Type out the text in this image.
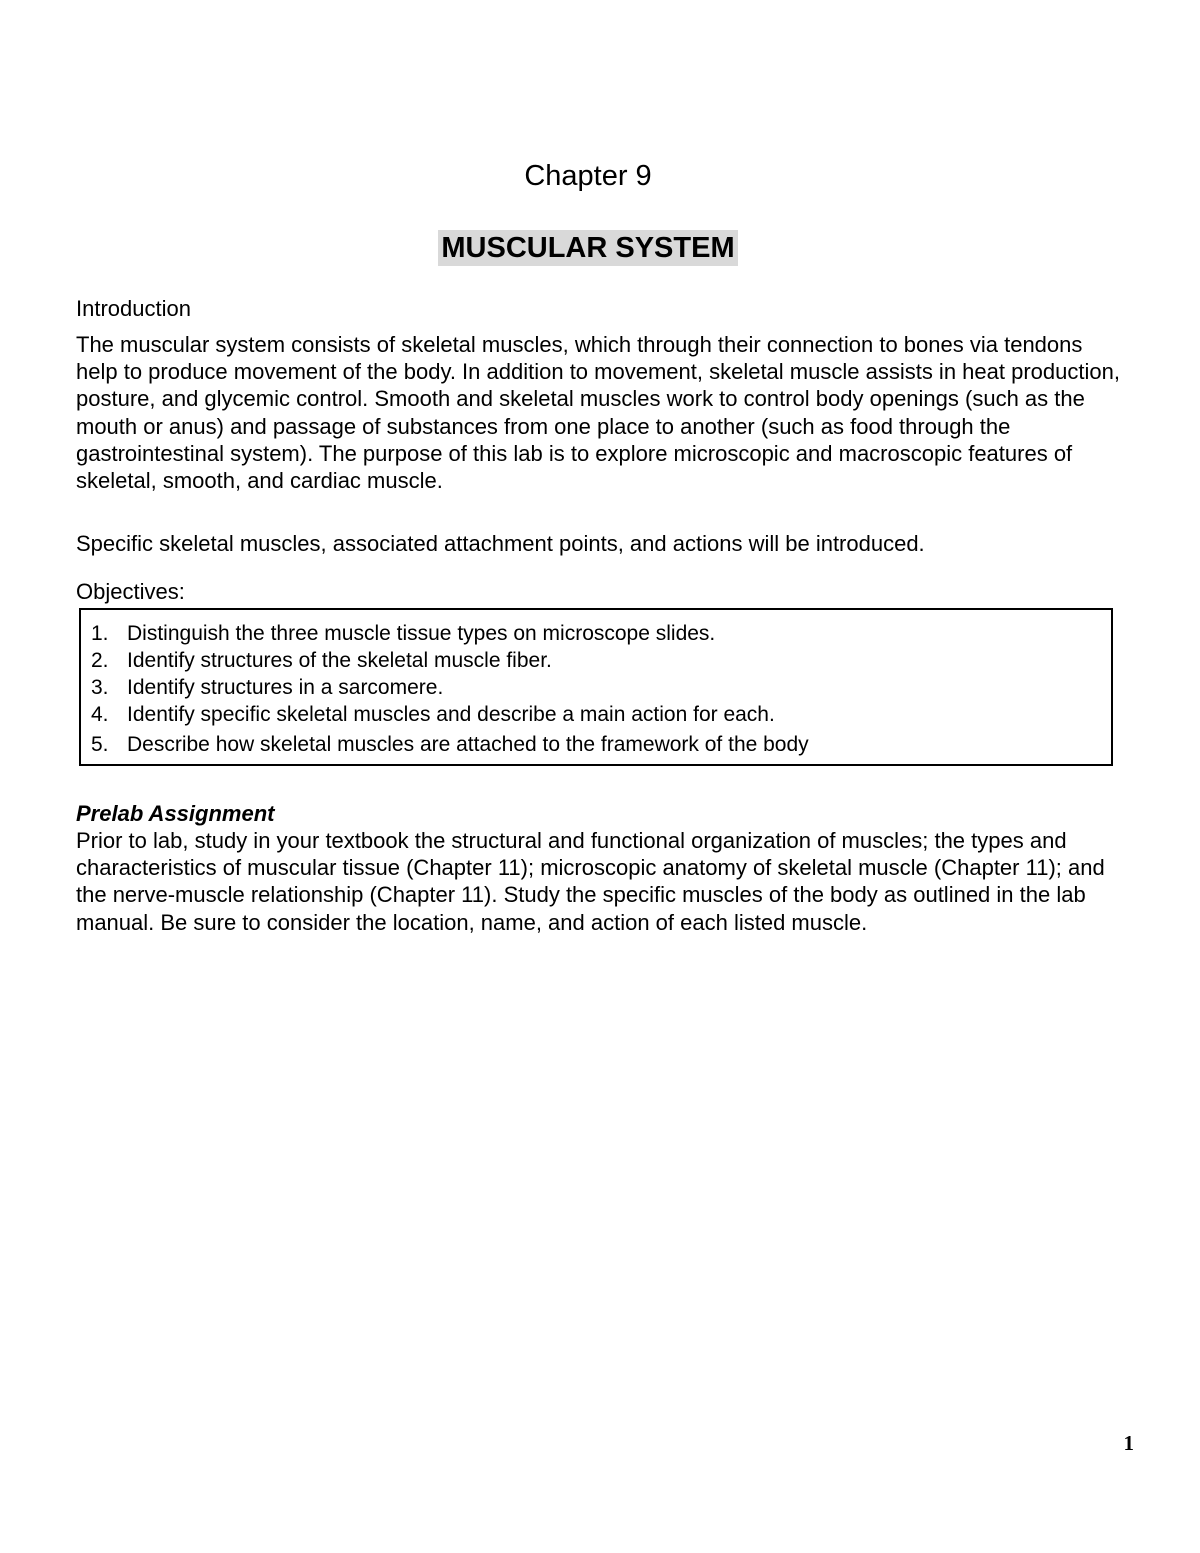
Chapter 9
MUSCULAR SYSTEM
Introduction
The muscular system consists of skeletal muscles, which through their connection to bones via tendons help to produce movement of the body. In addition to movement, skeletal muscle assists in heat production, posture, and glycemic control. Smooth and skeletal muscles work to control body openings (such as the mouth or anus) and passage of substances from one place to another (such as food through the gastrointestinal system). The purpose of this lab is to explore microscopic and macroscopic features of skeletal, smooth, and cardiac muscle.
Specific skeletal muscles, associated attachment points, and actions will be introduced.
Objectives:
1. Distinguish the three muscle tissue types on microscope slides.
2. Identify structures of the skeletal muscle fiber.
3. Identify structures in a sarcomere.
4. Identify specific skeletal muscles and describe a main action for each.
5. Describe how skeletal muscles are attached to the framework of the body
Prelab Assignment
Prior to lab, study in your textbook the structural and functional organization of muscles; the types and characteristics of muscular tissue (Chapter 11); microscopic anatomy of skeletal muscle (Chapter 11); and the nerve-muscle relationship (Chapter 11). Study the specific muscles of the body as outlined in the lab manual. Be sure to consider the location, name, and action of each listed muscle.
1
